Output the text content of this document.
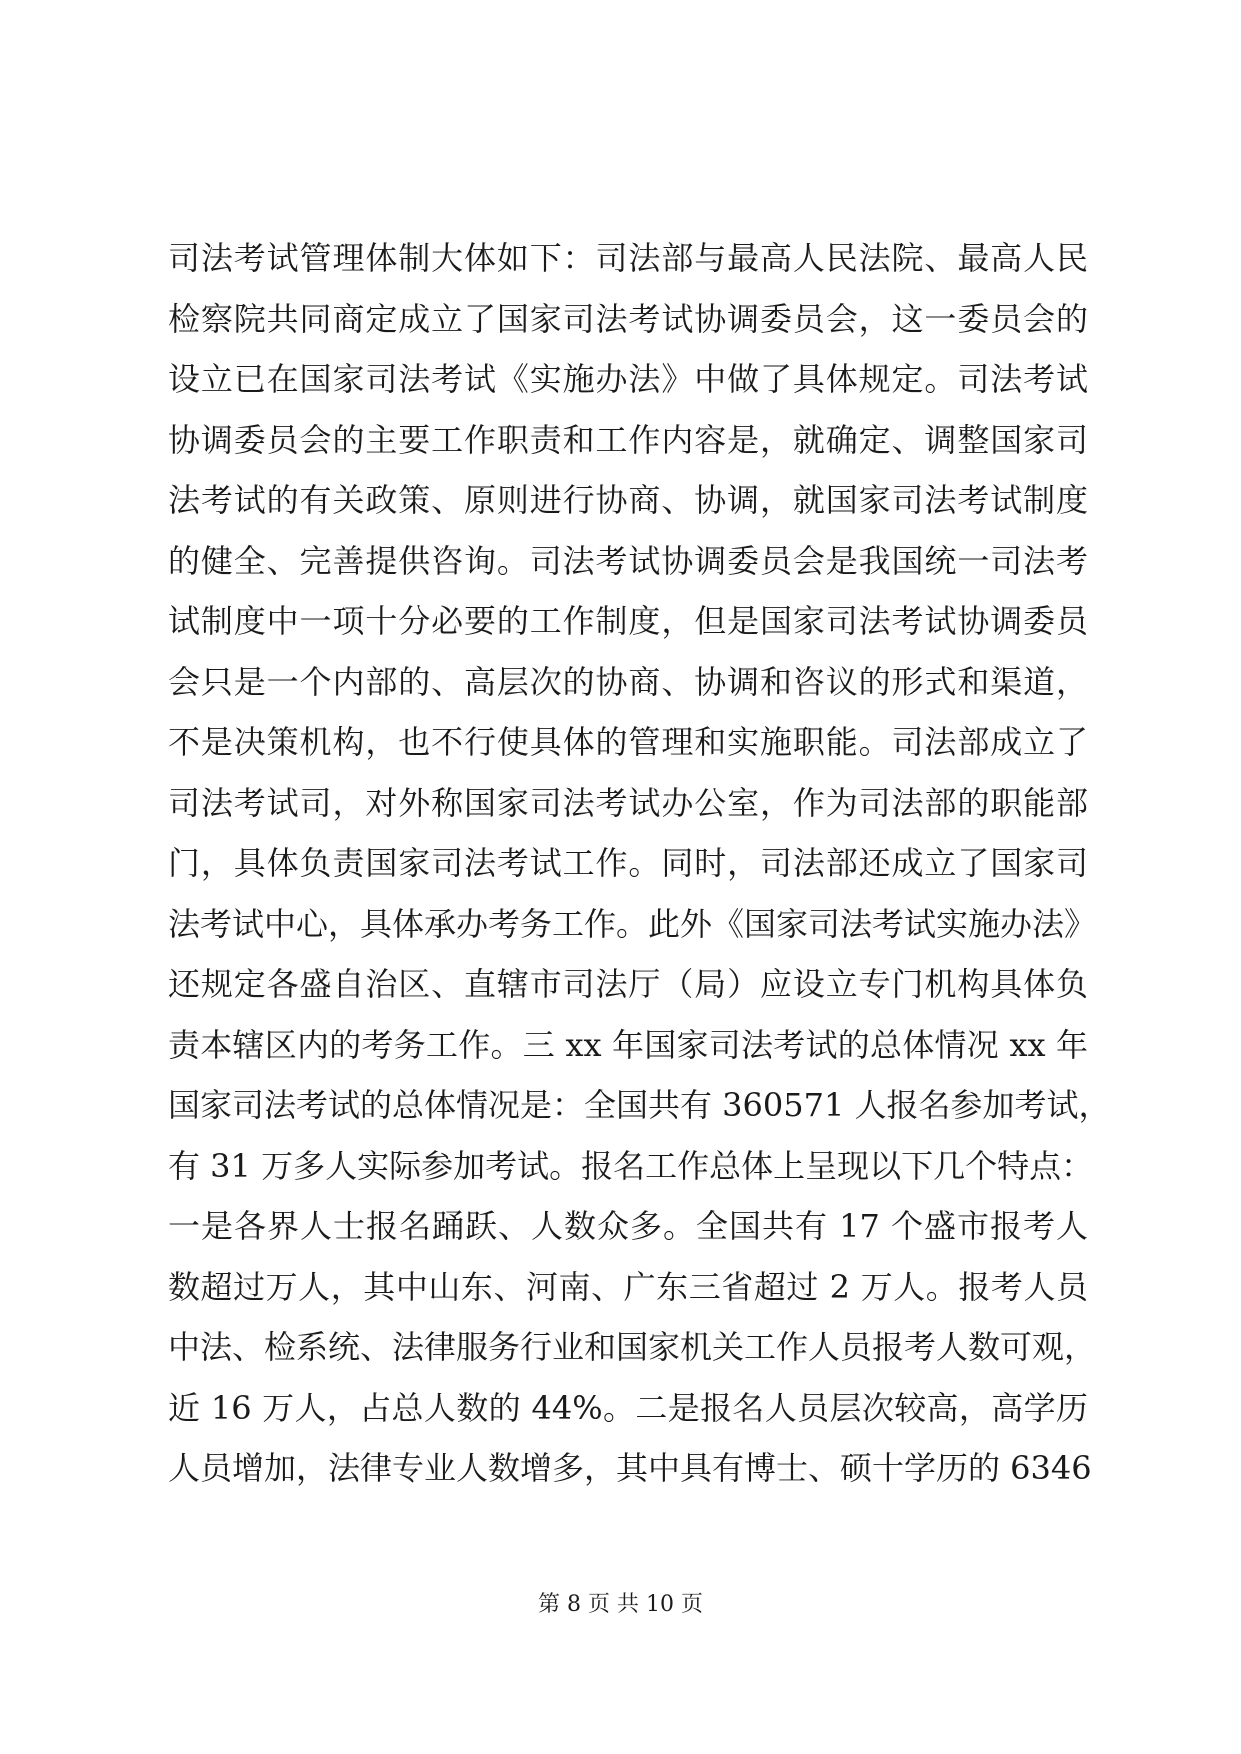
司法考试管理体制大体如下：司法部与最高人民法院、最高人民
检察院共同商定成立了国家司法考试协调委员会，这一委员会的
设立已在国家司法考试《实施办法》中做了具体规定。司法考试
协调委员会的主要工作职责和工作内容是，就确定、调整国家司
法考试的有关政策、原则进行协商、协调，就国家司法考试制度
的健全、完善提供咨询。司法考试协调委员会是我国统一司法考
试制度中一项十分必要的工作制度，但是国家司法考试协调委员
会只是一个内部的、高层次的协商、协调和咨议的形式和渠道，
不是决策机构，也不行使具体的管理和实施职能。司法部成立了
司法考试司，对外称国家司法考试办公室，作为司法部的职能部
门，具体负责国家司法考试工作。同时，司法部还成立了国家司
法考试中心，具体承办考务工作。此外《国家司法考试实施办法》
还规定各盛自治区、直辖市司法厅（局）应设立专门机构具体负
责本辖区内的考务工作。三 xx 年国家司法考试的总体情况 xx 年
国家司法考试的总体情况是：全国共有 360571 人报名参加考试，
有 31 万多人实际参加考试。报名工作总体上呈现以下几个特点：
一是各界人士报名踊跃、人数众多。全国共有 17 个盛市报考人
数超过万人，其中山东、河南、广东三省超过 2 万人。报考人员
中法、检系统、法律服务行业和国家机关工作人员报考人数可观，
近 16 万人，占总人数的 44%。二是报名人员层次较高，高学历
人员增加，法律专业人数增多，其中具有博士、硕十学历的 6346
第 8 页 共 10 页
